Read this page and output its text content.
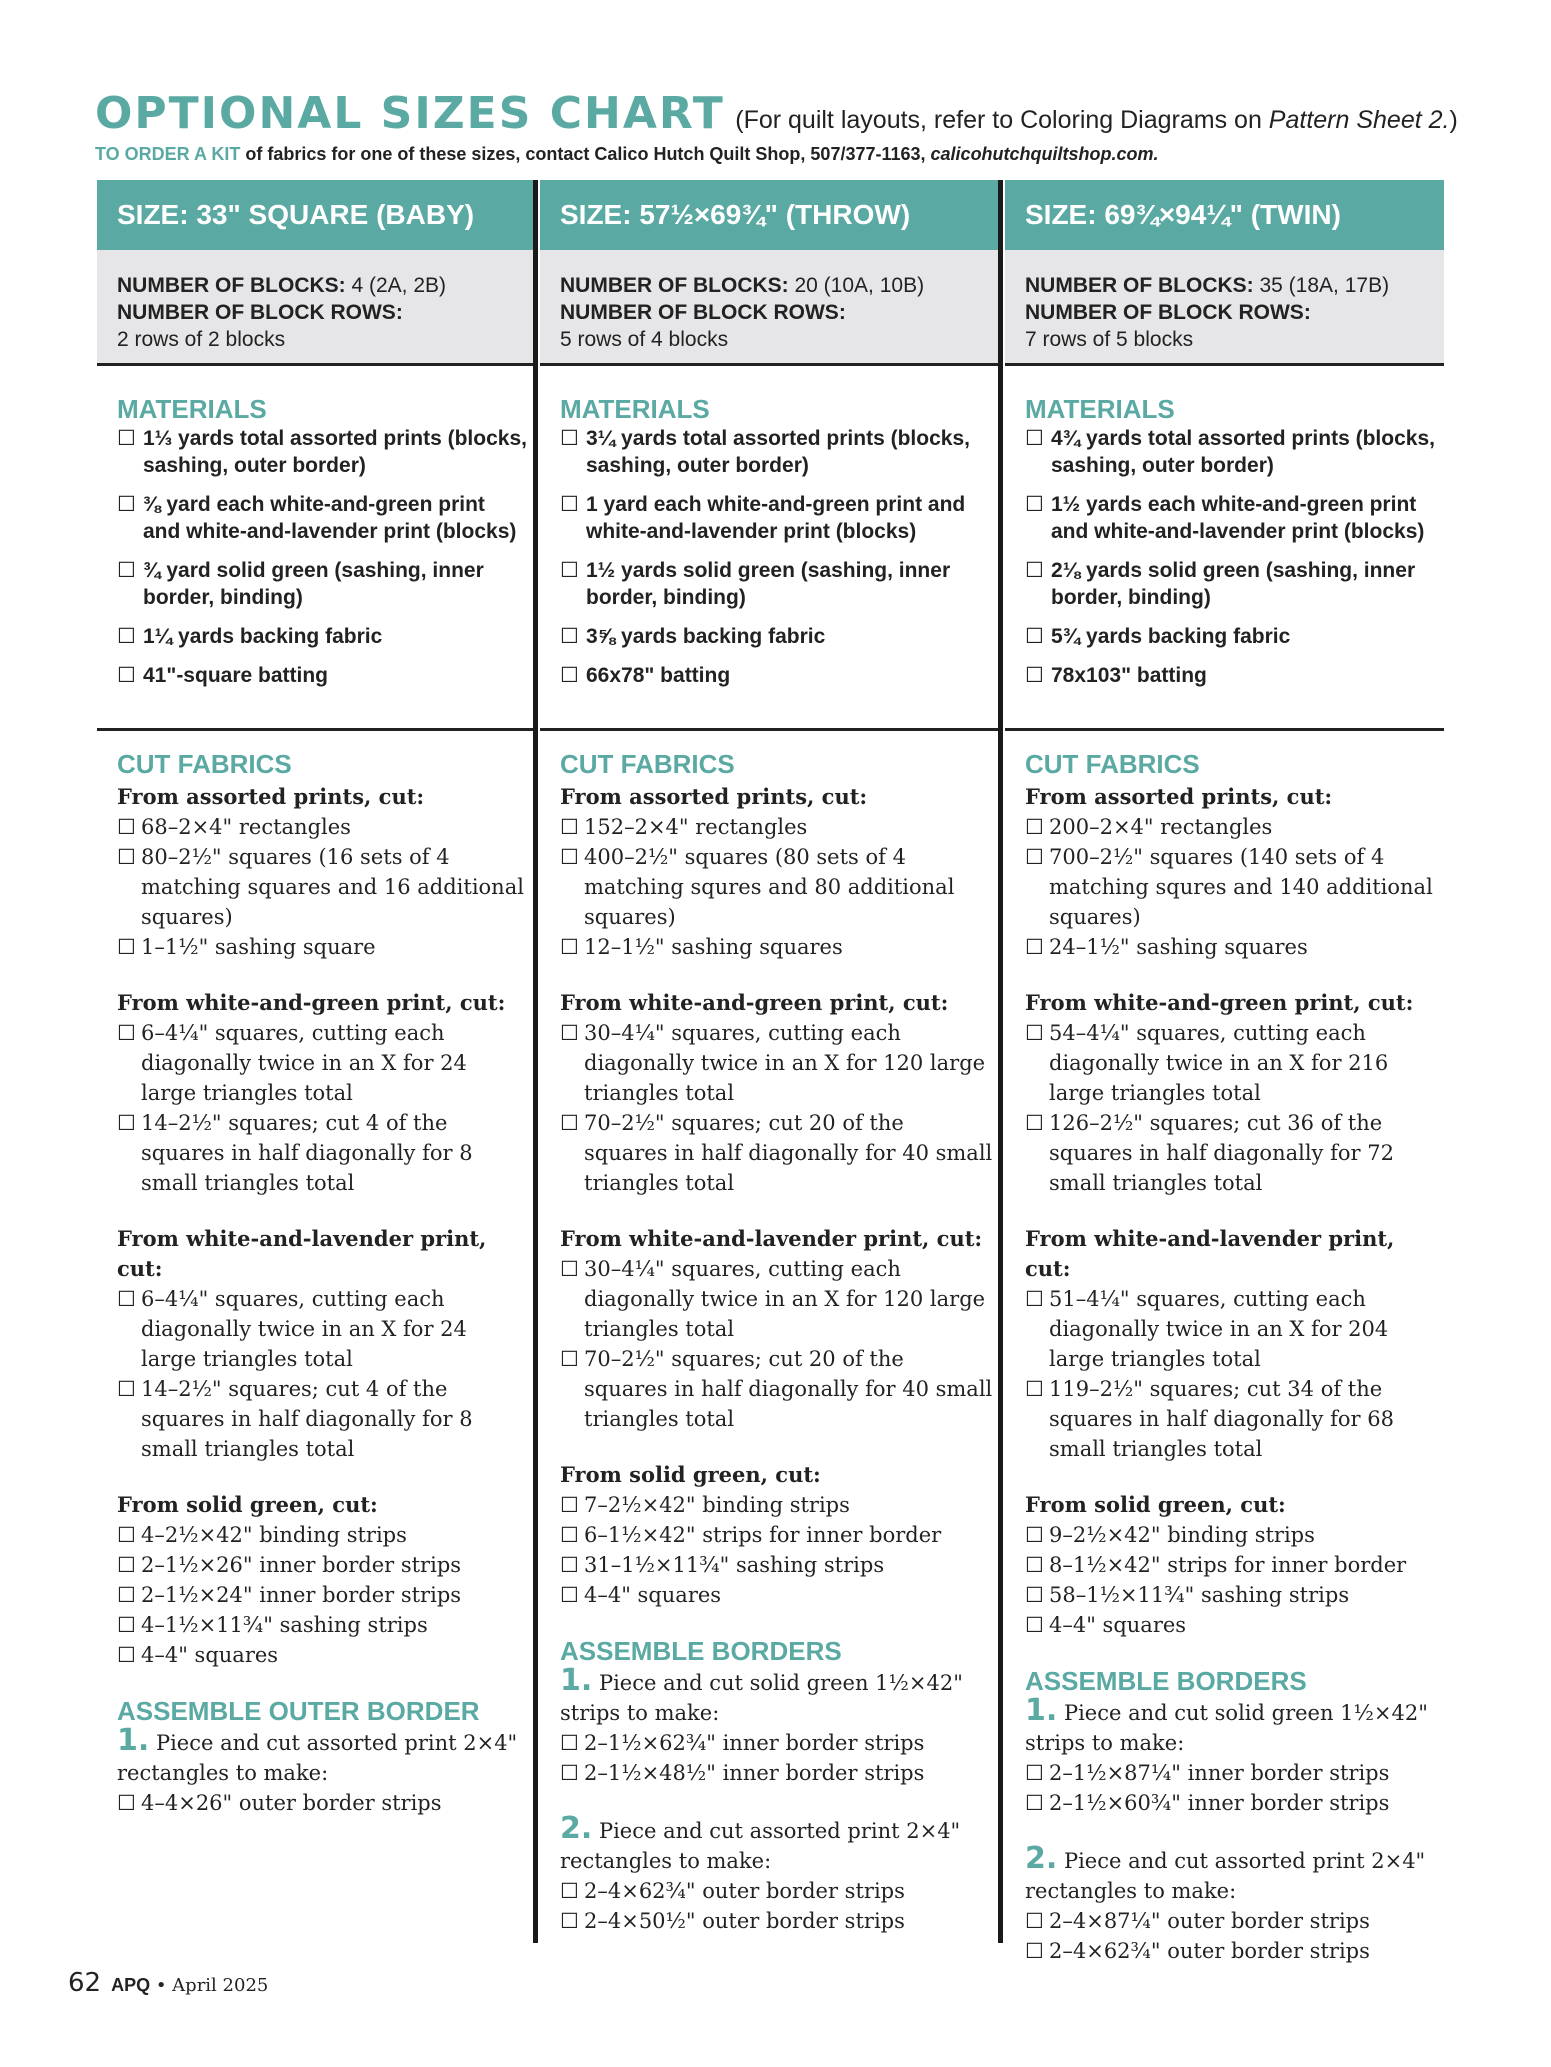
OPTIONAL SIZES CHART (For quilt layouts, refer to Coloring Diagrams on Pattern Sheet 2.)
TO ORDER A KIT of fabrics for one of these sizes, contact Calico Hutch Quilt Shop, 507/377-1163, calicohutchquiltshop.com.
SIZE: 33" SQUARE (BABY)
NUMBER OF BLOCKS: 4 (2A, 2B)
NUMBER OF BLOCK ROWS:
2 rows of 2 blocks
MATERIALS
☐ 1⅓ yards total assorted prints (blocks, sashing, outer border)
☐ ⅜ yard each white-and-green print and white-and-lavender print (blocks)
☐ ¾ yard solid green (sashing, inner border, binding)
☐ 1¼ yards backing fabric
☐ 41"-square batting
CUT FABRICS
From assorted prints, cut:
☐ 68–2×4" rectangles
☐ 80–2½" squares (16 sets of 4 matching squares and 16 additional squares)
☐ 1–1½" sashing square
From white-and-green print, cut:
☐ 6–4¼" squares, cutting each diagonally twice in an X for 24 large triangles total
☐ 14–2½" squares; cut 4 of the squares in half diagonally for 8 small triangles total
From white-and-lavender print, cut:
☐ 6–4¼" squares, cutting each diagonally twice in an X for 24 large triangles total
☐ 14–2½" squares; cut 4 of the squares in half diagonally for 8 small triangles total
From solid green, cut:
☐ 4–2½×42" binding strips
☐ 2–1½×26" inner border strips
☐ 2–1½×24" inner border strips
☐ 4–1½×11¾" sashing strips
☐ 4–4" squares
ASSEMBLE OUTER BORDER
1. Piece and cut assorted print 2×4" rectangles to make:
☐ 4–4×26" outer border strips
SIZE: 57½×69¾" (THROW)
NUMBER OF BLOCKS: 20 (10A, 10B)
NUMBER OF BLOCK ROWS:
5 rows of 4 blocks
MATERIALS
☐ 3¼ yards total assorted prints (blocks, sashing, outer border)
☐ 1 yard each white-and-green print and white-and-lavender print (blocks)
☐ 1½ yards solid green (sashing, inner border, binding)
☐ 3⅝ yards backing fabric
☐ 66x78" batting
CUT FABRICS
From assorted prints, cut:
☐ 152–2×4" rectangles
☐ 400–2½" squares (80 sets of 4 matching squres and 80 additional squares)
☐ 12–1½" sashing squares
From white-and-green print, cut:
☐ 30–4¼" squares, cutting each diagonally twice in an X for 120 large triangles total
☐ 70–2½" squares; cut 20 of the squares in half diagonally for 40 small triangles total
From white-and-lavender print, cut:
☐ 30–4¼" squares, cutting each diagonally twice in an X for 120 large triangles total
☐ 70–2½" squares; cut 20 of the squares in half diagonally for 40 small triangles total
From solid green, cut:
☐ 7–2½×42" binding strips
☐ 6–1½×42" strips for inner border
☐ 31–1½×11¾" sashing strips
☐ 4–4" squares
ASSEMBLE BORDERS
1. Piece and cut solid green 1½×42" strips to make:
☐ 2–1½×62¾" inner border strips
☐ 2–1½×48½" inner border strips
2. Piece and cut assorted print 2×4" rectangles to make:
☐ 2–4×62¾" outer border strips
☐ 2–4×50½" outer border strips
SIZE: 69¾×94¼" (TWIN)
NUMBER OF BLOCKS: 35 (18A, 17B)
NUMBER OF BLOCK ROWS:
7 rows of 5 blocks
MATERIALS
☐ 4¾ yards total assorted prints (blocks, sashing, outer border)
☐ 1½ yards each white-and-green print and white-and-lavender print (blocks)
☐ 2⅛ yards solid green (sashing, inner border, binding)
☐ 5¾ yards backing fabric
☐ 78x103" batting
CUT FABRICS
From assorted prints, cut:
☐ 200–2×4" rectangles
☐ 700–2½" squares (140 sets of 4 matching squres and 140 additional squares)
☐ 24–1½" sashing squares
From white-and-green print, cut:
☐ 54–4¼" squares, cutting each diagonally twice in an X for 216 large triangles total
☐ 126–2½" squares; cut 36 of the squares in half diagonally for 72 small triangles total
From white-and-lavender print, cut:
☐ 51–4¼" squares, cutting each diagonally twice in an X for 204 large triangles total
☐ 119–2½" squares; cut 34 of the squares in half diagonally for 68 small triangles total
From solid green, cut:
☐ 9–2½×42" binding strips
☐ 8–1½×42" strips for inner border
☐ 58–1½×11¾" sashing strips
☐ 4–4" squares
ASSEMBLE BORDERS
1. Piece and cut solid green 1½×42" strips to make:
☐ 2–1½×87¼" inner border strips
☐ 2–1½×60¾" inner border strips
2. Piece and cut assorted print 2×4" rectangles to make:
☐ 2–4×87¼" outer border strips
☐ 2–4×62¾" outer border strips
62 APQ • April 2025
